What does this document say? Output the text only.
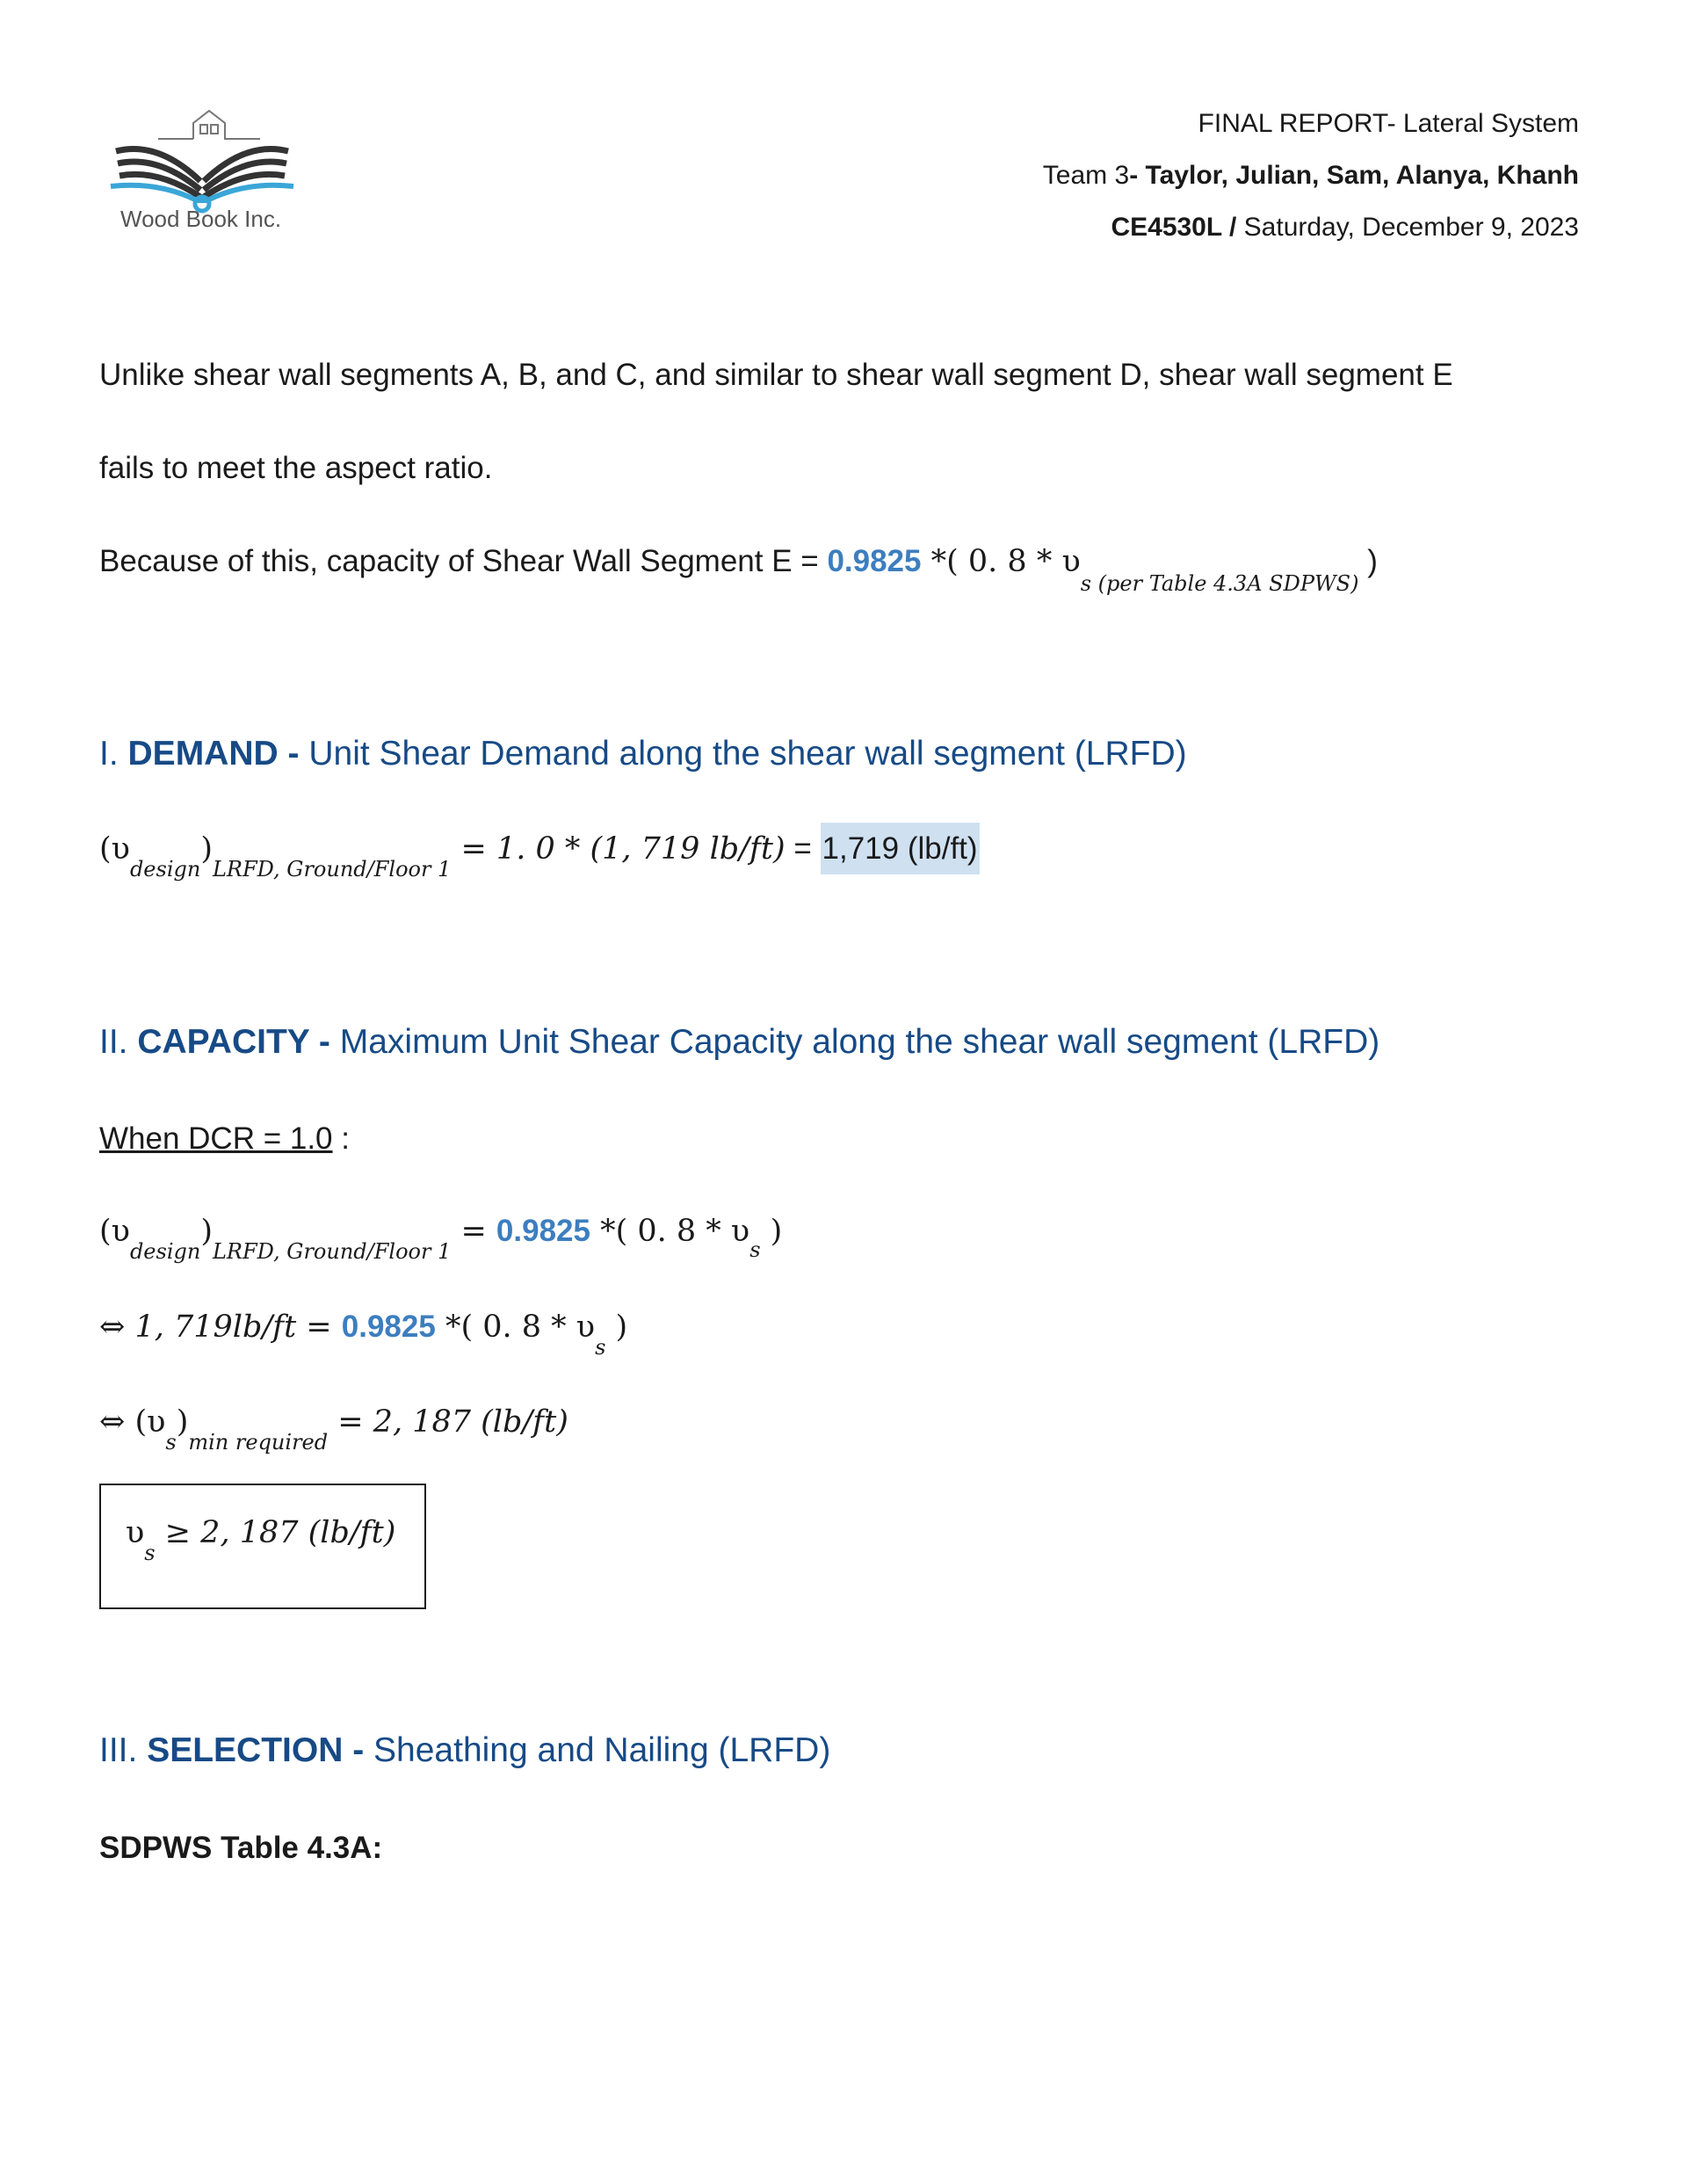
Wood Book Inc.
FINAL REPORT- Lateral System
Team 3- Taylor, Julian, Sam, Alanya, Khanh
CE4530L / Saturday, December 9, 2023
Unlike shear wall segments A, B, and C, and similar to shear wall segment D, shear wall segment E
fails to meet the aspect ratio.
Because of this, capacity of Shear Wall Segment E = 0.9825 *( 0. $8 * \upsilon_{s (per Table 4.3A SDPWS)}$ )
I. DEMAND - Unit Shear Demand along the shear wall segment (LRFD)
$(\upsilon_{design})_{LRFD, Ground/Floor 1} = 1$. 0 * (1, 719 lb/ft) = 1,719 (lb/ft)
II. CAPACITY - Maximum Unit Shear Capacity along the shear wall segment (LRFD)
When DCR = 1.0 :
$(\upsilon_{design})_{LRFD, Ground/Floor 1} = 0.9825$ *( 0. $8 * \upsilon_s$ )
⇔ 1, 719lb/ft = 0.9825 *( 0. $8 * \upsilon_s$ )
⇔ $(\upsilon_s)_{min required} = 2$, 187 (lb/ft)
$\upsilon_s \ge 2$, 187 (lb/ft)
III. SELECTION - Sheathing and Nailing (LRFD)
SDPWS Table 4.3A:
